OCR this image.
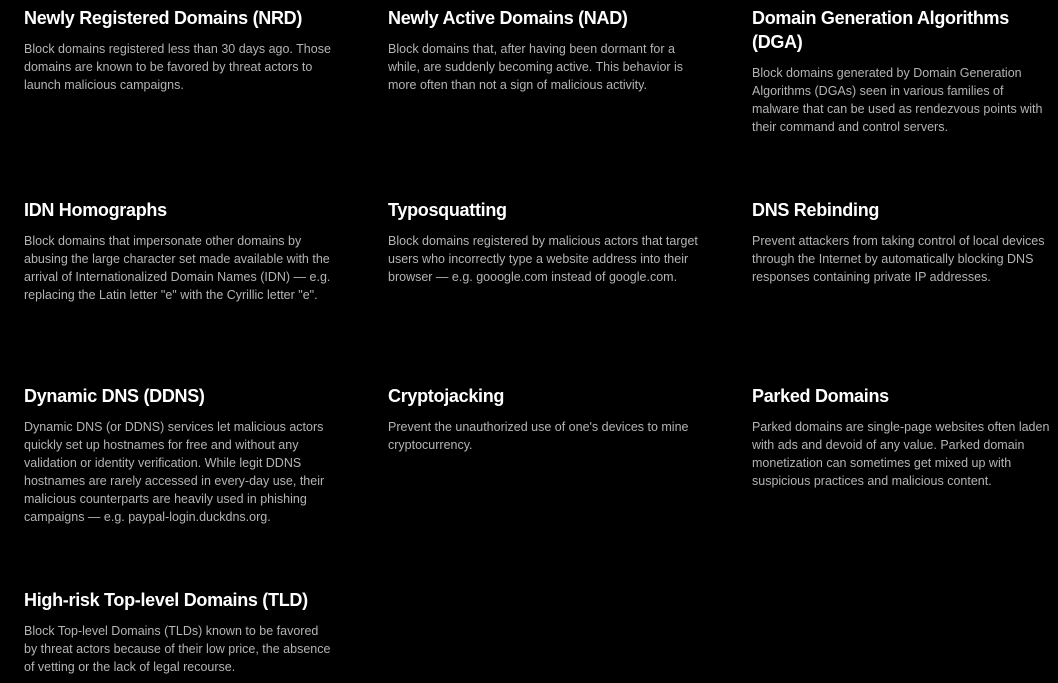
Newly Registered Domains (NRD)

Block domains registered less than 30 days ago. Those domains are known to be favored by threat actors to launch malicious campaigns.

Newly Active Domains (NAD)

Block domains that, after having been dormant for a while, are suddenly becoming active. This behavior is more often than not a sign of malicious activity.

Domain Generation Algorithms (DGA)

Block domains generated by Domain Generation Algorithms (DGAs) seen in various families of malware that can be used as rendezvous points with their command and control servers.

IDN Homographs

Block domains that impersonate other domains by abusing the large character set made available with the arrival of Internationalized Domain Names (IDN) — e.g. replacing the Latin letter "e" with the Cyrillic letter "е".

Typosquatting

Block domains registered by malicious actors that target users who incorrectly type a website address into their browser — e.g. gooogle.com instead of google.com.

DNS Rebinding

Prevent attackers from taking control of local devices through the Internet by automatically blocking DNS responses containing private IP addresses.

Dynamic DNS (DDNS)

Dynamic DNS (or DDNS) services let malicious actors quickly set up hostnames for free and without any validation or identity verification. While legit DDNS hostnames are rarely accessed in every-day use, their malicious counterparts are heavily used in phishing campaigns — e.g. paypal-login.duckdns.org.

Cryptojacking

Prevent the unauthorized use of one's devices to mine cryptocurrency.

Parked Domains

Parked domains are single-page websites often laden with ads and devoid of any value. Parked domain monetization can sometimes get mixed up with suspicious practices and malicious content.

High-risk Top-level Domains (TLD)

Block Top-level Domains (TLDs) known to be favored by threat actors because of their low price, the absence of vetting or the lack of legal recourse.
